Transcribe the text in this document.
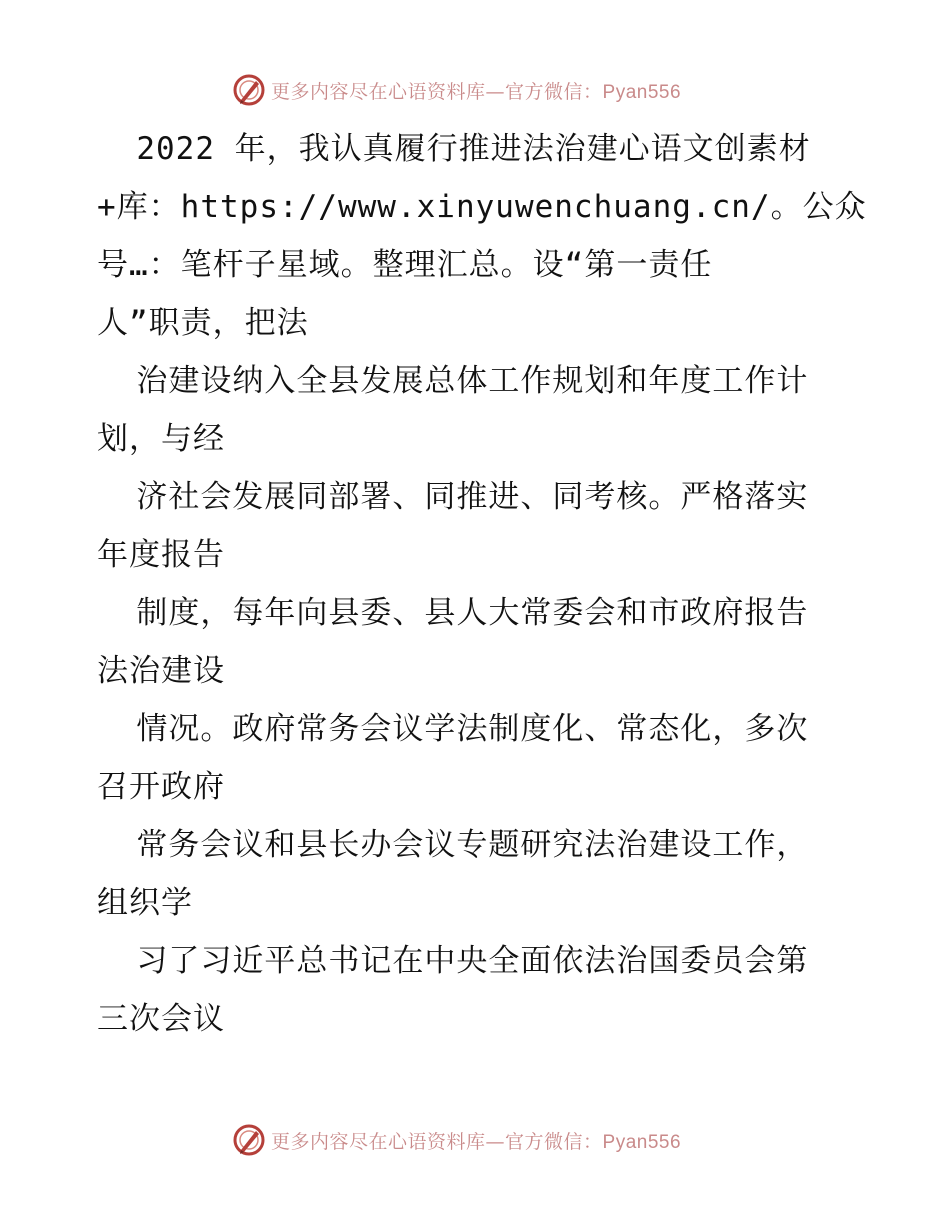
更多内容尽在心语资料库—官方微信：Pyan556
2022 年，我认真履行推进法治建心语文创素材
+库：https://www.xinyuwenchuang.cn/。公众
号…：笔杆子星域。整理汇总。设“第一责任
人”职责，把法
治建设纳入全县发展总体工作规划和年度工作计
划，与经
济社会发展同部署、同推进、同考核。严格落实
年度报告
制度，每年向县委、县人大常委会和市政府报告
法治建设
情况。政府常务会议学法制度化、常态化，多次
召开政府
常务会议和县长办会议专题研究法治建设工作，
组织学
习了习近平总书记在中央全面依法治国委员会第
三次会议
更多内容尽在心语资料库—官方微信：Pyan556
